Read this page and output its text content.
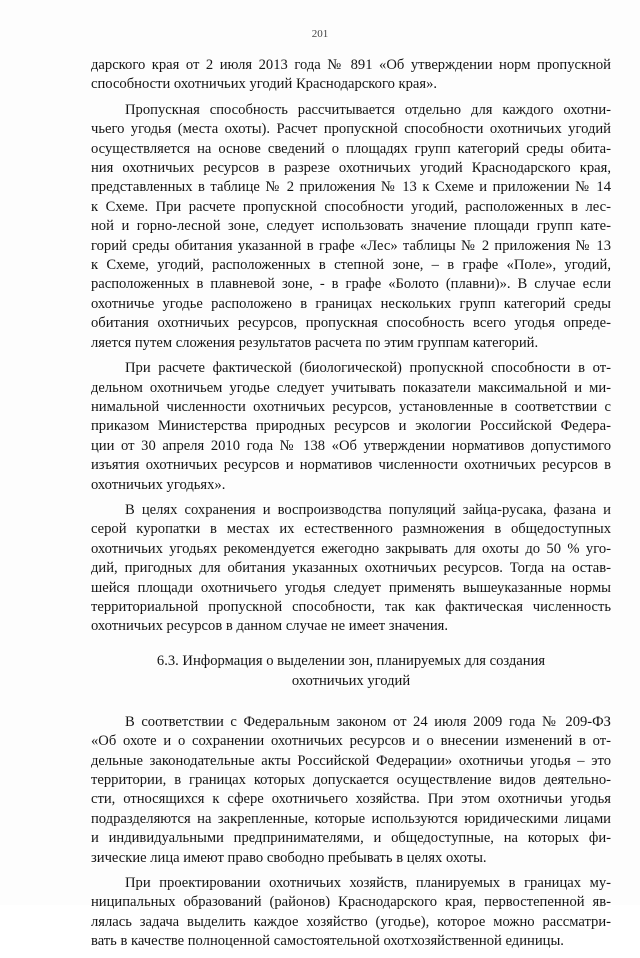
201
дарского края от 2 июля 2013 года № 891 «Об утверждении норм пропускной
способности охотничьих угодий Краснодарского края».
Пропускная способность рассчитывается отдельно для каждого охотни-
чьего угодья (места охоты). Расчет пропускной способности охотничьих угодий
осуществляется на основе сведений о площадях групп категорий среды обита-
ния охотничьих ресурсов в разрезе охотничьих угодий Краснодарского края,
представленных в таблице № 2 приложения № 13 к Схеме и приложении № 14
к Схеме. При расчете пропускной способности угодий, расположенных в лес-
ной и горно-лесной зоне, следует использовать значение площади групп кате-
горий среды обитания указанной в графе «Лес» таблицы № 2 приложения № 13
к Схеме, угодий, расположенных в степной зоне, – в графе «Поле», угодий,
расположенных в плавневой зоне, - в графе «Болото (плавни)». В случае если
охотничье угодье расположено в границах нескольких групп категорий среды
обитания охотничьих ресурсов, пропускная способность всего угодья опреде-
ляется путем сложения результатов расчета по этим группам категорий.
При расчете фактической (биологической) пропускной способности в от-
дельном охотничьем угодье следует учитывать показатели максимальной и ми-
нимальной численности охотничьих ресурсов, установленные в соответствии с
приказом Министерства природных ресурсов и экологии Российской Федера-
ции от 30 апреля 2010 года № 138 «Об утверждении нормативов допустимого
изъятия охотничьих ресурсов и нормативов численности охотничьих ресурсов в
охотничьих угодьях».
В целях сохранения и воспроизводства популяций зайца-русака, фазана и
серой куропатки в местах их естественного размножения в общедоступных
охотничьих угодьях рекомендуется ежегодно закрывать для охоты до 50 % уго-
дий, пригодных для обитания указанных охотничьих ресурсов. Тогда на остав-
шейся площади охотничьего угодья следует применять вышеуказанные нормы
территориальной пропускной способности, так как фактическая численность
охотничьих ресурсов в данном случае не имеет значения.
6.3. Информация о выделении зон, планируемых для создания
охотничьих угодий
В соответствии с Федеральным законом от 24 июля 2009 года № 209-ФЗ
«Об охоте и о сохранении охотничьих ресурсов и о внесении изменений в от-
дельные законодательные акты Российской Федерации» охотничьи угодья – это
территории, в границах которых допускается осуществление видов деятельно-
сти, относящихся к сфере охотничьего хозяйства. При этом охотничьи угодья
подразделяются на закрепленные, которые используются юридическими лицами
и индивидуальными предпринимателями, и общедоступные, на которых фи-
зические лица имеют право свободно пребывать в целях охоты.
При проектировании охотничьих хозяйств, планируемых в границах му-
ниципальных образований (районов) Краснодарского края, первостепенной яв-
лялась задача выделить каждое хозяйство (угодье), которое можно рассматри-
вать в качестве полноценной самостоятельной охотхозяйственной единицы.
